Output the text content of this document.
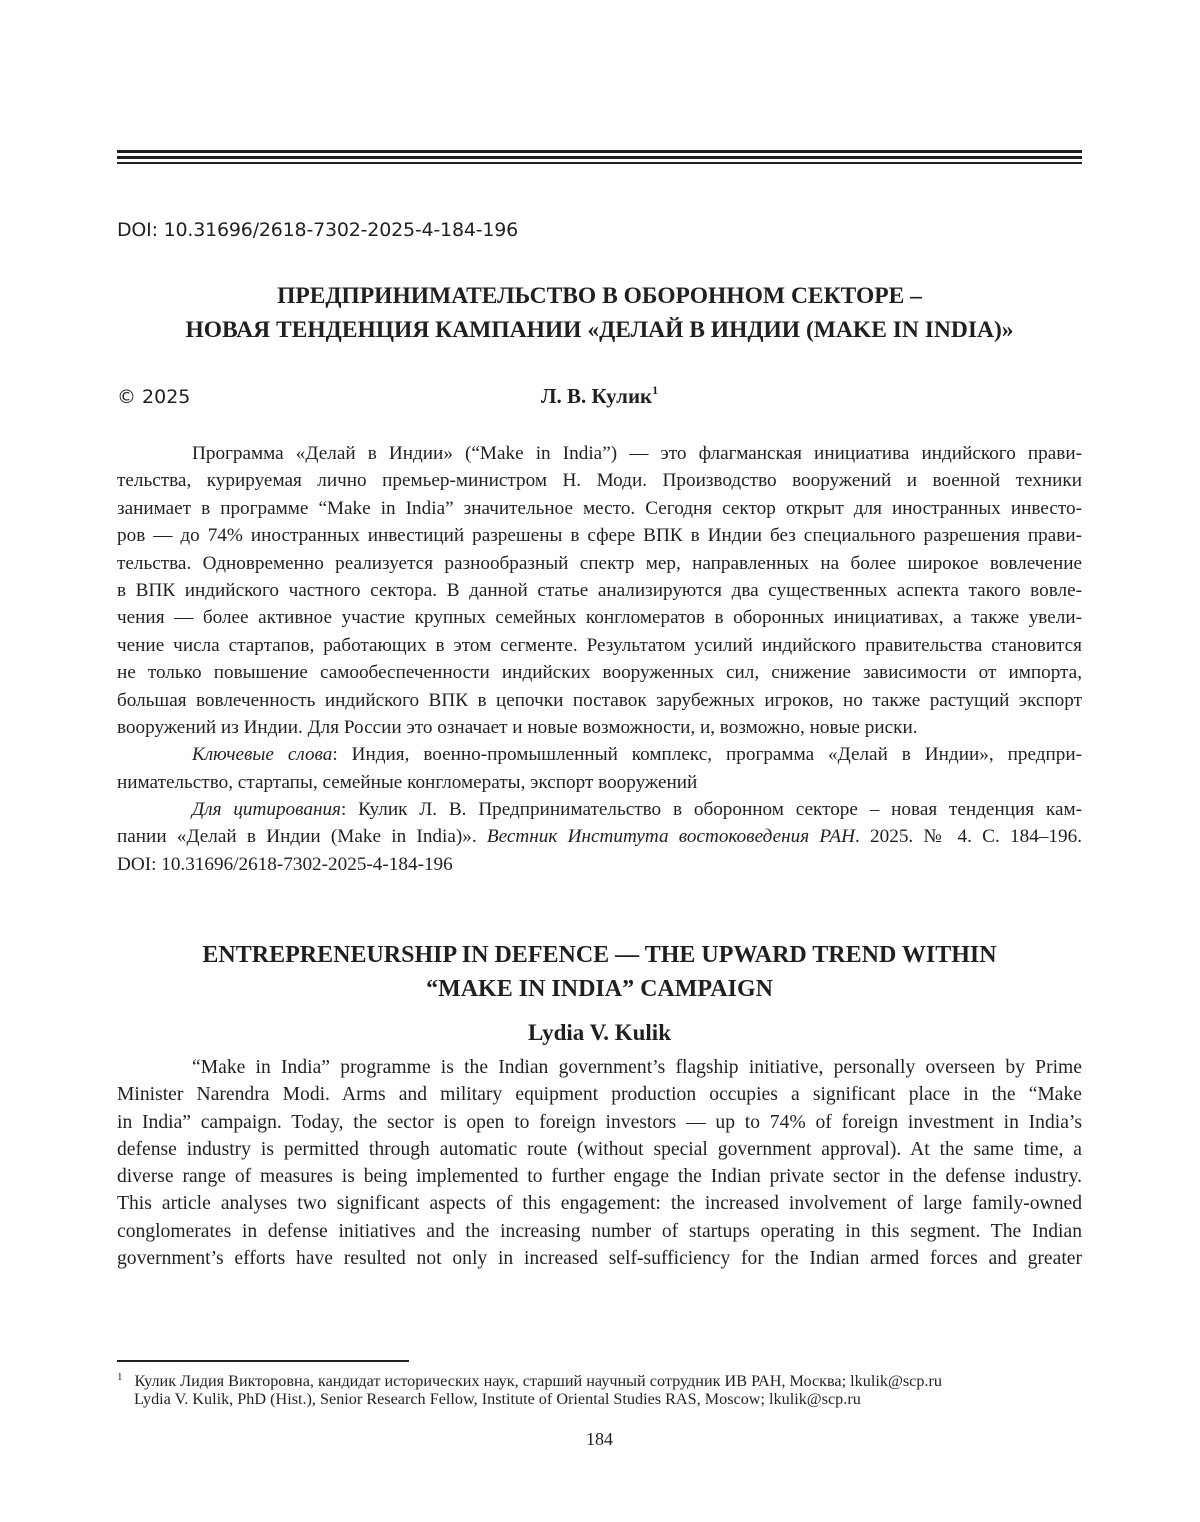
DOI: 10.31696/2618-7302-2025-4-184-196
ПРЕДПРИНИМАТЕЛЬСТВО В ОБОРОННОМ СЕКТОРЕ –
НОВАЯ ТЕНДЕНЦИЯ КАМПАНИИ «ДЕЛАЙ В ИНДИИ (MAKE IN INDIA)»
© 2025	Л. В. Кулик$^1$
Программа «Делай в Индии» (“Make in India”) — это флагманская инициатива индийского прави-
тельства, курируемая лично премьер-министром Н. Моди. Производство вооружений и военной техники
занимает в программе “Make in India” значительное место. Сегодня сектор открыт для иностранных инвесто-
ров — до 74% иностранных инвестиций разрешены в сфере ВПК в Индии без специального разрешения прави-
тельства. Одновременно реализуется разнообразный спектр мер, направленных на более широкое вовлечение
в ВПК индийского частного сектора. В данной статье анализируются два существенных аспекта такого вовле-
чения — более активное участие крупных семейных конгломератов в оборонных инициативах, а также увели-
чение числа стартапов, работающих в этом сегменте. Результатом усилий индийского правительства становится
не только повышение самообеспеченности индийских вооруженных сил, снижение зависимости от импорта,
большая вовлеченность индийского ВПК в цепочки поставок зарубежных игроков, но также растущий экспорт
вооружений из Индии. Для России это означает и новые возможности, и, возможно, новые риски.
Ключевые слова: Индия, военно-промышленный комплекс, программа «Делай в Индии», предпри-
нимательство, стартапы, семейные конгломераты, экспорт вооружений
Для цитирования: Кулик Л. В. Предпринимательство в оборонном секторе – новая тенденция кам-
пании «Делай в Индии (Make in India)». Вестник Института востоковедения РАН. 2025. № 4. С. 184–196.
DOI: 10.31696/2618-7302-2025-4-184-196
ENTREPRENEURSHIP IN DEFENCE — THE UPWARD TREND WITHIN
“MAKE IN INDIA” CAMPAIGN
Lydia V. Kulik
“Make in India” programme is the Indian government’s flagship initiative, personally overseen by Prime
Minister Narendra Modi. Arms and military equipment production occupies a significant place in the “Make
in India” campaign. Today, the sector is open to foreign investors — up to 74% of foreign investment in India’s
defense industry is permitted through automatic route (without special government approval). At the same time, a
diverse range of measures is being implemented to further engage the Indian private sector in the defense industry.
This article analyses two significant aspects of this engagement: the increased involvement of large family-owned
conglomerates in defense initiatives and the increasing number of startups operating in this segment. The Indian
government’s efforts have resulted not only in increased self-sufficiency for the Indian armed forces and greater
$^1$ Кулик Лидия Викторовна, кандидат исторических наук, старший научный сотрудник ИВ РАН, Москва; lkulik@scp.ru
Lydia V. Kulik, PhD (Hist.), Senior Research Fellow, Institute of Oriental Studies RAS, Moscow; lkulik@scp.ru
184
